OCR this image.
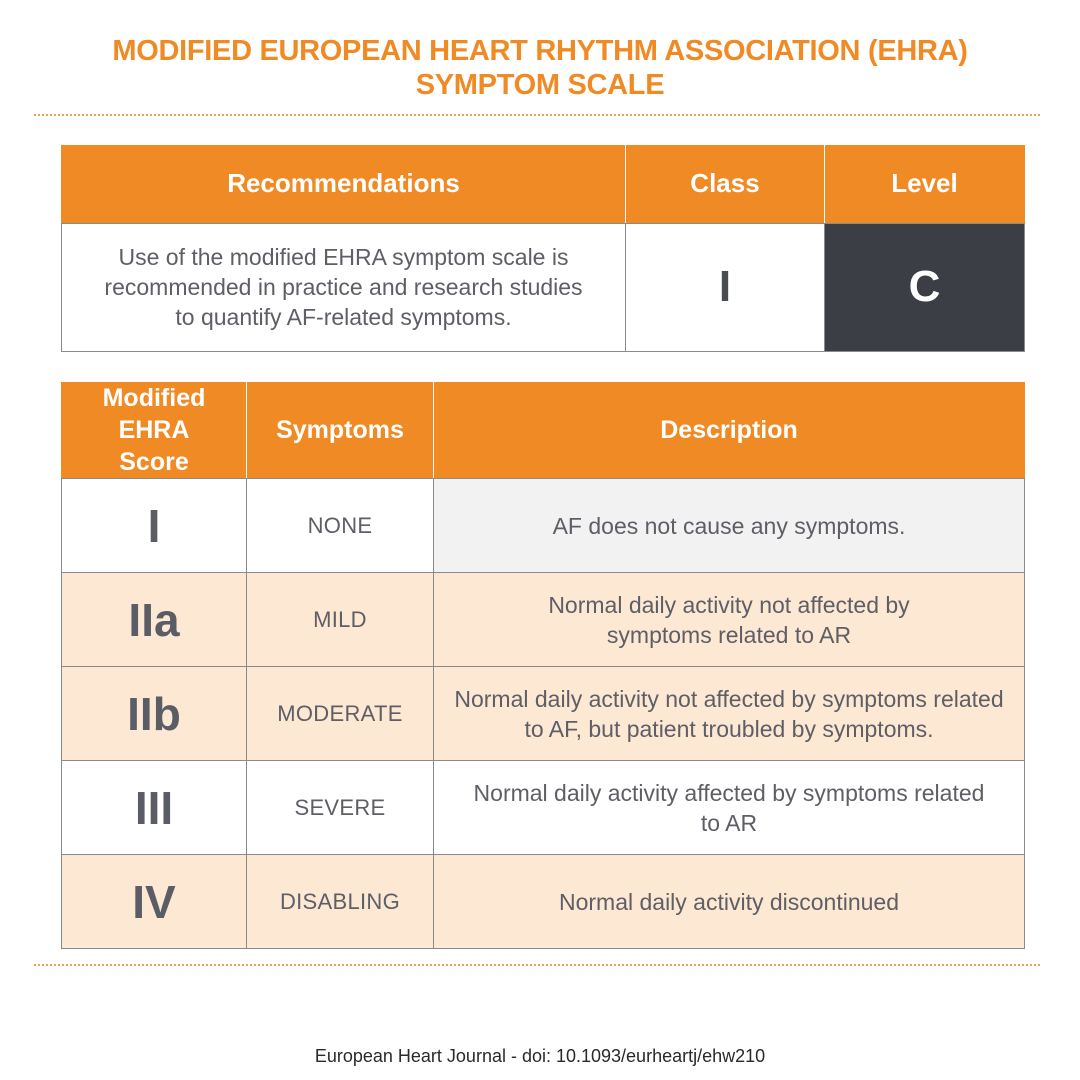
MODIFIED EUROPEAN HEART RHYTHM ASSOCIATION (EHRA)
SYMPTOM SCALE
Recommendations	Class	Level
Use of the modified EHRA symptom scale is recommended in practice and research studies to quantify AF-related symptoms.	I	C
Modified EHRA Score	Symptoms	Description
I	NONE	AF does not cause any symptoms.
IIa	MILD	Normal daily activity not affected by symptoms related to AR
IIb	MODERATE	Normal daily activity not affected by symptoms related to AF, but patient troubled by symptoms.
III	SEVERE	Normal daily activity affected by symptoms related to AR
IV	DISABLING	Normal daily activity discontinued
European Heart Journal - doi: 10.1093/eurheartj/ehw210
